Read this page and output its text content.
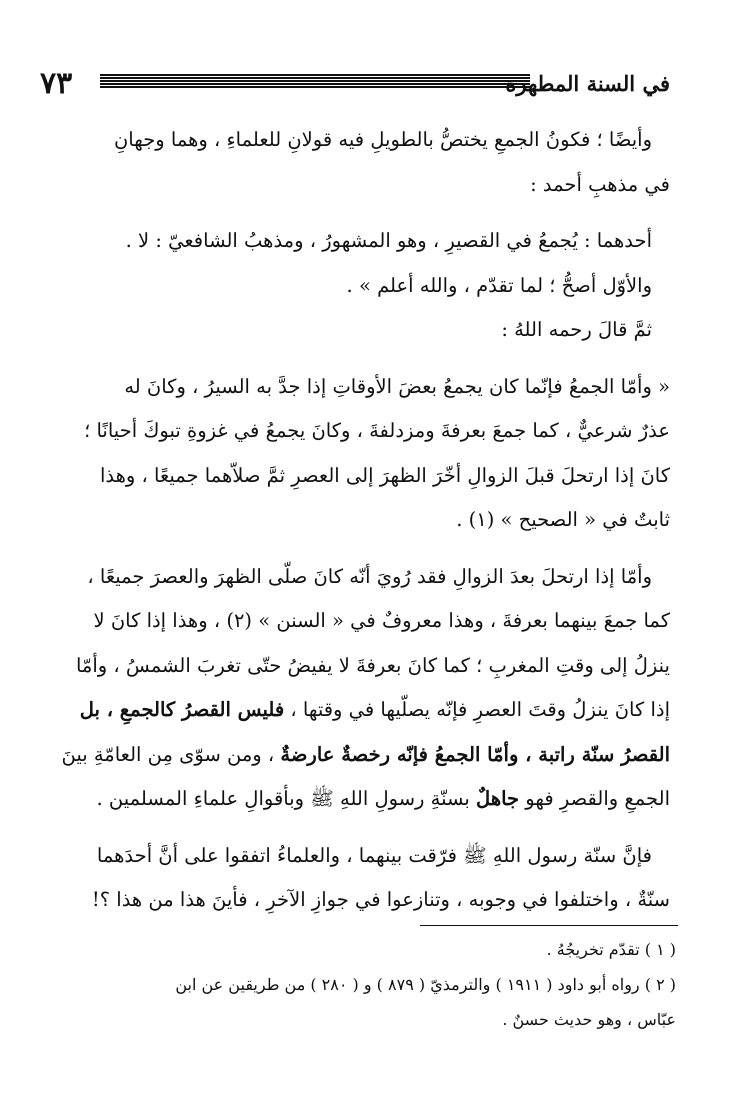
٧٣	في السنة المطهرة

وأيضًا ؛ فكونُ الجمعِ يختصُّ بالطويلِ فيه قولانِ للعلماءِ ، وهما وجهانِ

في مذهبِ أحمد :

أحدهما : يُجمعُ في القصيرِ ، وهو المشهورُ ، ومذهبُ الشافعيّ : لا .

والأوّل أصحُّ ؛ لما تقدّم ، والله أعلم » .

ثمَّ قالَ رحمه اللهُ :

« وأمّا الجمعُ فإنّما كان يجمعُ بعضَ الأوقاتِ إذا جدَّ به السيرُ ، وكانَ له

عذرٌ شرعيٌّ ، كما جمعَ بعرفةَ ومزدلفةَ ، وكانَ يجمعُ في غزوةِ تبوكَ أحيانًا ؛

كانَ إذا ارتحلَ قبلَ الزوالِ أخّرَ الظهرَ إلى العصرِ ثمَّ صلاّهما جميعًا ، وهذا

ثابتٌ في « الصحيح » (١) .

وأمّا إذا ارتحلَ بعدَ الزوالِ فقد رُويَ أنّه كانَ صلّى الظهرَ والعصرَ جميعًا ،

كما جمعَ بينهما بعرفةَ ، وهذا معروفٌ في « السنن » (٢) ، وهذا إذا كانَ لا

ينزلُ إلى وقتِ المغربِ ؛ كما كانَ بعرفةَ لا يفيضُ حتّى تغربَ الشمسُ ، وأمّا

إذا كانَ ينزلُ وقتَ العصرِ فإنّه يصلّيها في وقتها ، فليس القصرُ كالجمعِ ، بل

القصرُ سنّة راتبة ، وأمّا الجمعُ فإنّه رخصةٌ عارضةٌ ، ومن سوّى مِن العامّةِ بينَ

الجمعِ والقصرِ فهو جاهلٌ بسنّةِ رسولِ اللهِ ﷺ وبأقوالِ علماءِ المسلمين .

فإنَّ سنّة رسول اللهِ ﷺ فرّقت بينهما ، والعلماءُ اتفقوا على أنَّ أحدَهما

سنّةٌ ، واختلفوا في وجوبه ، وتنازعوا في جوازِ الآخرِ ، فأينَ هذا من هذا ؟!

( ١ ) تقدّم تخريجُهُ .

( ٢ ) رواه أبو داود ( ١٩١١ ) والترمذيّ ( ٨٧٩ ) و ( ٢٨٠ ) من طريقين عن ابن

عبّاس ، وهو حديث حسنٌ .
